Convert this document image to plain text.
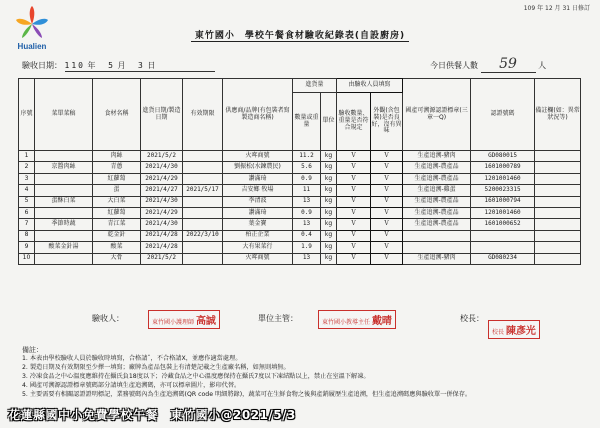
Hualien
109 年 12 月 31 日修訂
東竹國小　學校午餐食材驗收紀錄表(自設廚房)
驗收日期： 110 年 5 月 3 日	今日供餐人數 59	人
序號	菜單菜稿	食材名稱	進貨日期/製造日期	有效期限	供應商/品牌(有包裝者寫製造商名稱)	進貨量		由驗收人員填寫		國產可溯源認證標章(三章一Q)	認證號碼	備註欄(如：異常狀況等)
						數量或重量	單位	驗收數量、重量是否符合規定	外觀(含包裝)是否良好，沒有異味			
1		肉絲	2021/5/2		火哖商號	11.2	kg	V	V	生產追溯-豬肉	GD080015	
2	京醬肉絲	青蔥	2021/4/30		劉振松(水鍊農民)	5.6	kg	V	V	生產追溯-農產品	1601000789	
3		紅蘿蔔	2021/4/29		讚滿琦	0.9	kg	V	V	生產追溯-農產品	1201001460	
4		蛋	2021/4/27	2021/5/17	吉安鄉 牧場	11	kg	V	V	生產追溯-雞蛋	5200023315	
5	蛋酥白菜	大白菜	2021/4/30		李清波	13	kg	V	V	生產追溯-農產品	1601000794	
6		紅蘿蔔	2021/4/29		讚滿琦	0.9	kg	V	V	生產追溯-農產品	1201001460	
7	季節時蔬	青江菜	2021/4/30		葉金寶	13	kg	V	V	生產追溯-農產品	1601000652	
8		乾金針	2021/4/28	2022/3/10	柏正企業	0.4	kg	V	V			
9	酸菜金針湯	酸菜	2021/4/28		大有果菜行	1.9	kg	V	V			
10		大骨	2021/5/2		火哖商號	13	kg	V	V	生產追溯-豬肉	GD080234	
驗收人：	東竹國小護理師 高誠	單位主管：	東竹國小教導主任 戴晴	校長：
校長 陳彥光
備註：
1. 本表由學校驗收人員於驗收時填寫，合格請ˇ，不合格請X，並應作適當處理。
2. 製造日期及有效期限至少擇一填寫；廠牌為產品包裝上有清楚記載之生產廠名稱，如無則填無。
3. 冷凍食品之中心溫度應維持在攝氏負18度以下；冷藏食品之中心溫度應保持在攝氏7度以下凍結點以上，禁止在室溫下解凍。
4. 國產可溯源認證標章號碼部分請填生產追溯碼，亦可以標章圖片，影印代替。
5. 主要需要有相關認證證明標記，業務號碼內為生產追溯碼(QR code 明細將錄)，蔬菜可在生鮮食物之後與產銷履歷生產追溯，但生產追溯碼應與驗收單一併保存。
花蓮縣國中小免費學校午餐　東竹國小@2021/5/3
